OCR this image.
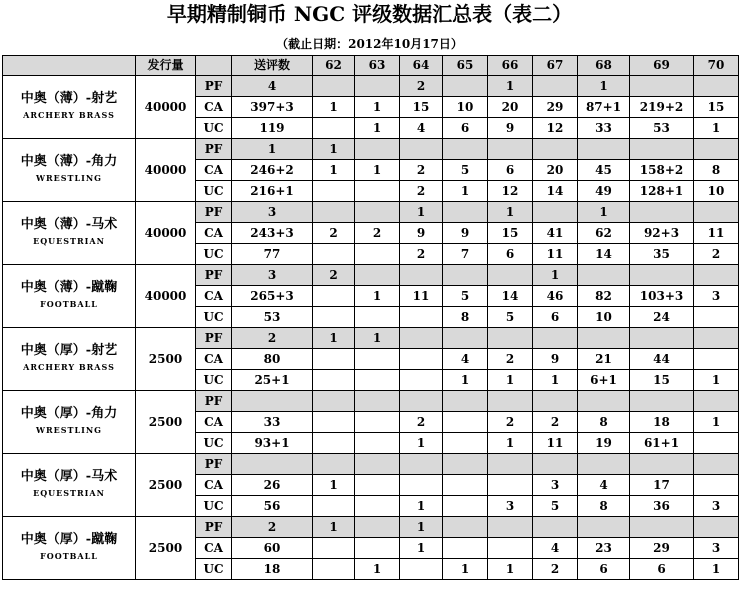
早期精制铜币 NGC 评级数据汇总表（表二）
（截止日期：2012年10月17日）
	发行量		送评数	62	63	64	65	66	67	68	69	70

中奥（薄）-射艺
ARCHERY BRASS	40000	PF	4			2		1		1		
		CA	397+3	1	1	15	10	20	29	87+1	219+2	15
		UC	119		1	4	6	9	12	33	53	1

中奥（薄）-角力
WRESTLING	40000	PF	1	1								
		CA	246+2	1	1	2	5	6	20	45	158+2	8
		UC	216+1			2	1	12	14	49	128+1	10

中奥（薄）-马术
EQUESTRIAN	40000	PF	3			1		1		1		
		CA	243+3	2	2	9	9	15	41	62	92+3	11
		UC	77			2	7	6	11	14	35	2

中奥（薄）-蹴鞠
FOOTBALL	40000	PF	3	2					1			
		CA	265+3		1	11	5	14	46	82	103+3	3
		UC	53				8	5	6	10	24	

中奥（厚）-射艺
ARCHERY BRASS	2500	PF	2	1	1							
		CA	80				4	2	9	21	44	
		UC	25+1				1	1	1	6+1	15	1

中奥（厚）-角力
WRESTLING	2500	PF										
		CA	33			2		2	2	8	18	1
		UC	93+1			1		1	11	19	61+1	

中奥（厚）-马术
EQUESTRIAN	2500	PF										
		CA	26	1					3	4	17	
		UC	56			1		3	5	8	36	3

中奥（厚）-蹴鞠
FOOTBALL	2500	PF	2	1		1						
		CA	60			1			4	23	29	3
		UC	18		1		1	1	2	6	6	1
